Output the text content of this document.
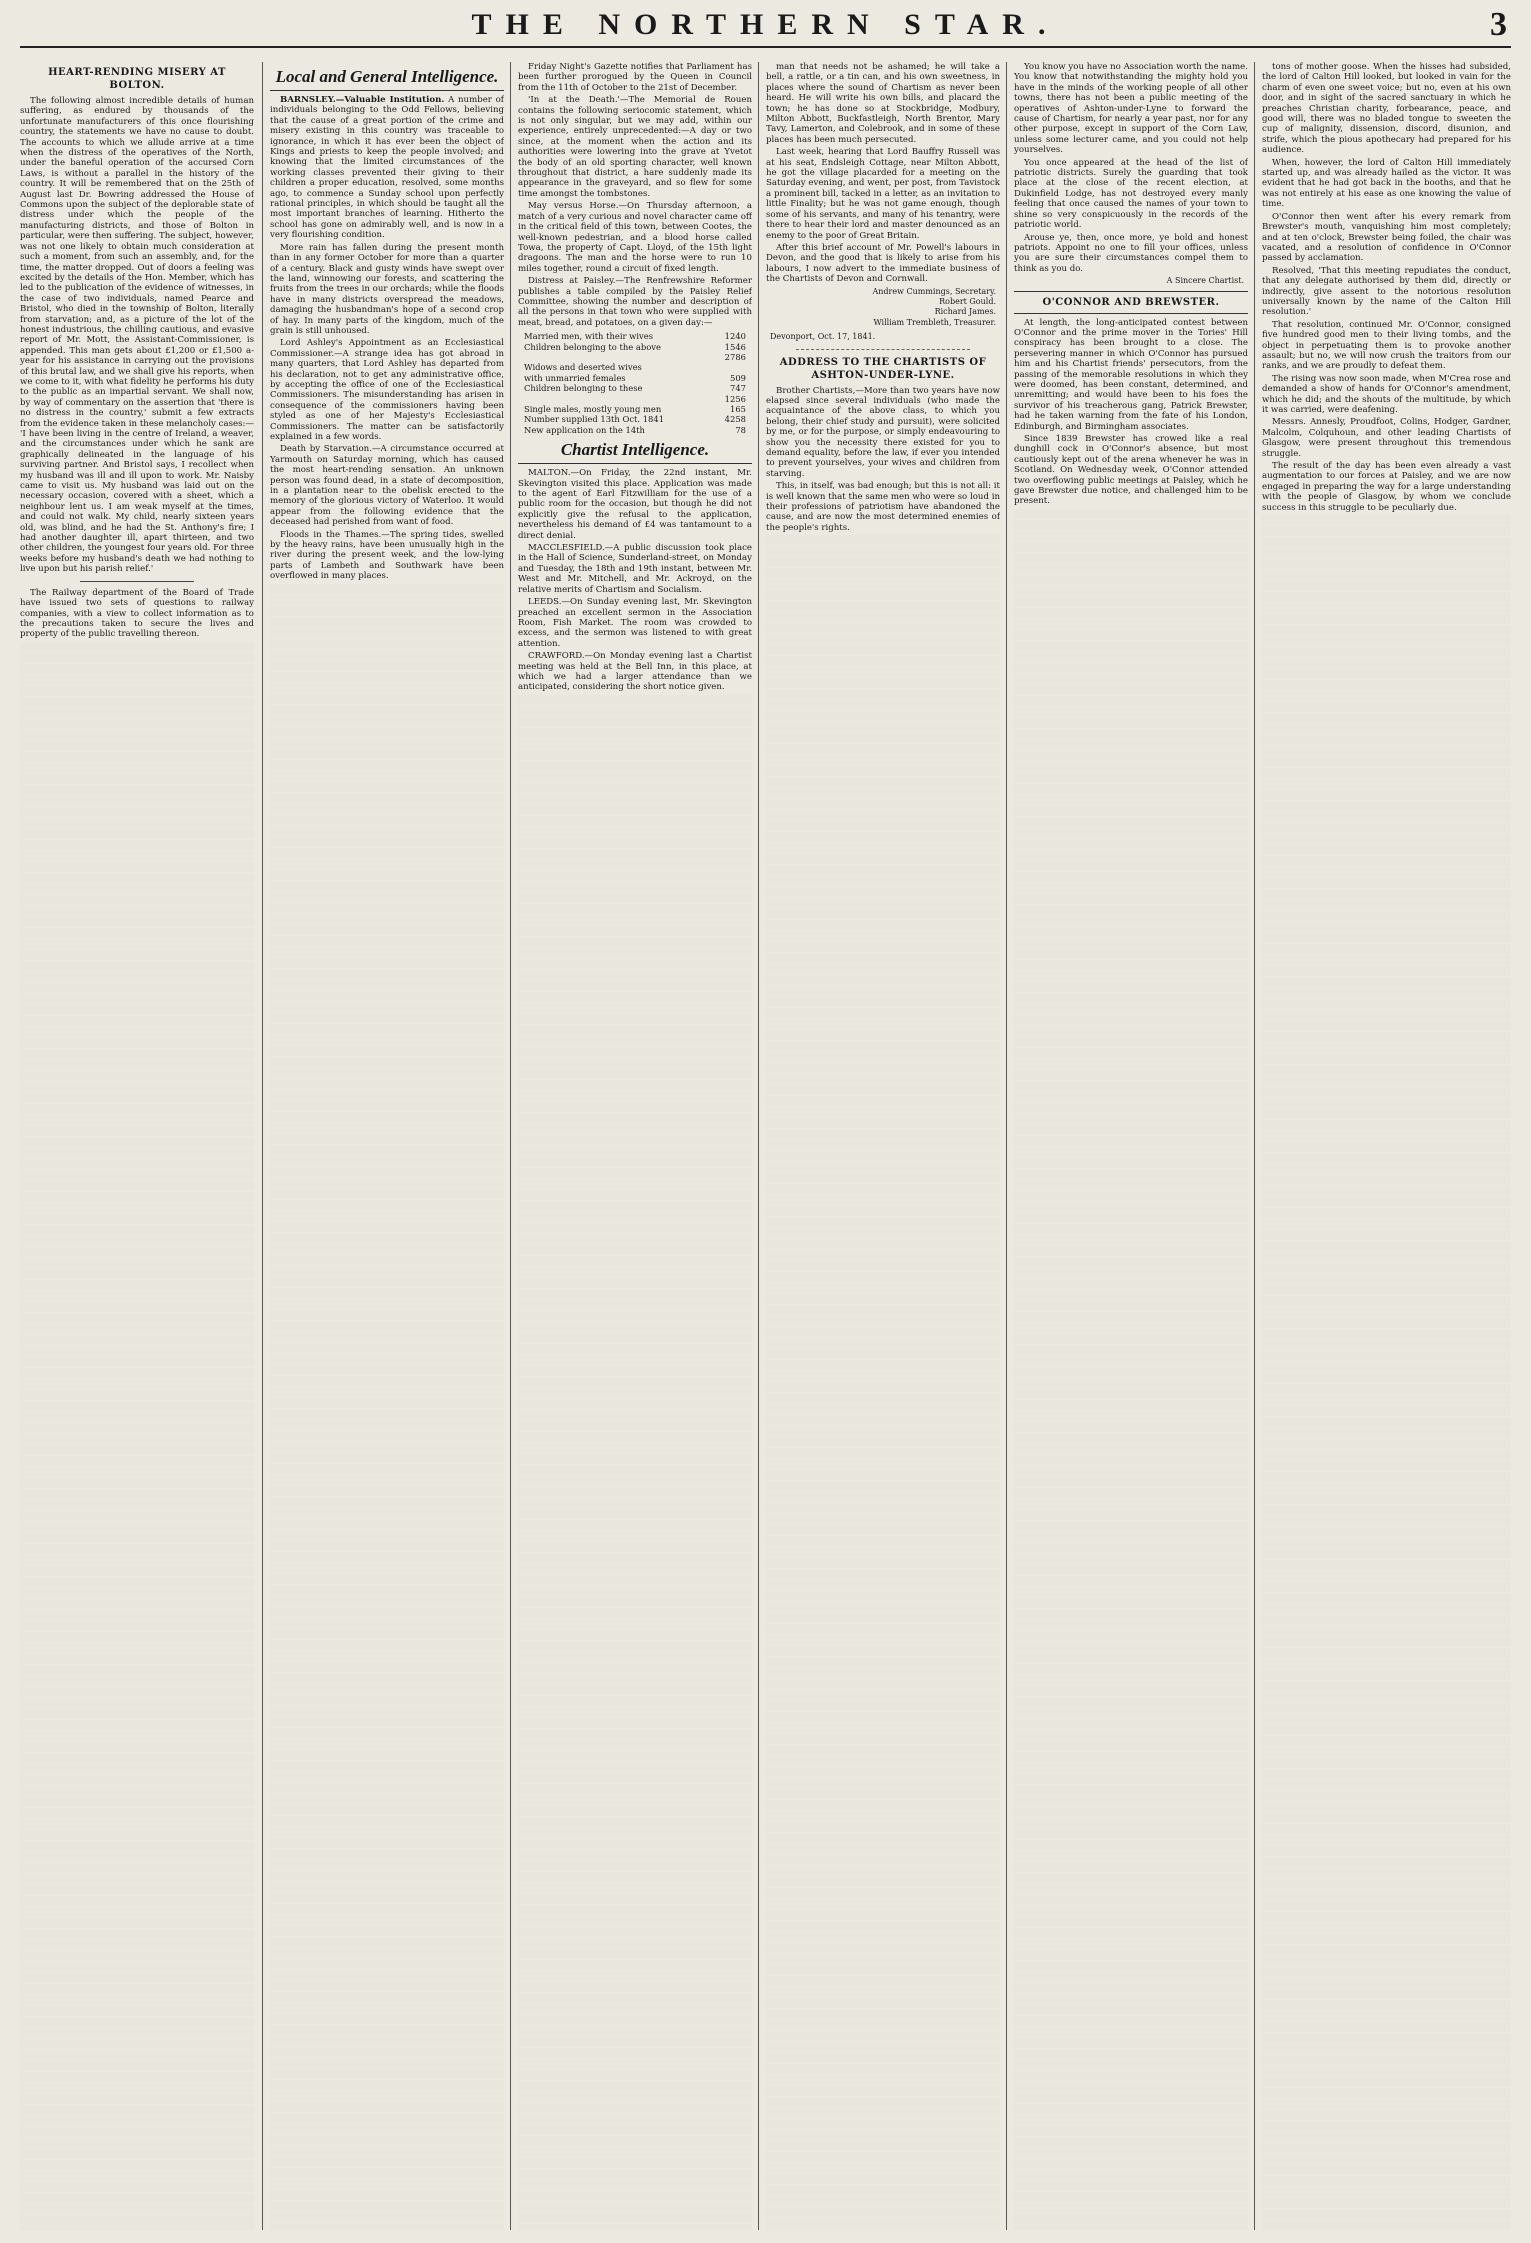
THE NORTHERN STAR.	3
HEART-RENDING MISERY AT BOLTON.

The following almost incredible details of human suffering, as endured by thousands of the unfortunate manufacturers of this once flourishing country, the statements we have no cause to doubt. The accounts to which we allude arrive at a time when the distress of the operatives of the North, under the baneful operation of the accursed Corn Laws, is without a parallel in the history of the country. It will be remembered that on the 25th of August last Dr. Bowring addressed the House of Commons upon the subject of the deplorable state of distress under which the people of the manufacturing districts, and those of Bolton in particular, were then suffering. The subject, however, was not one likely to obtain much consideration at such a moment, from such an assembly, and, for the time, the matter dropped. Out of doors a feeling was excited by the details of the Hon. Member, which has led to the publication of the evidence of witnesses, in the case of two individuals, named Pearce and Bristol, who died in the township of Bolton, literally from starvation; and, as a picture of the lot of the honest industrious, the chilling cautious, and evasive report of Mr. Mott, the Assistant-Commissioner, is appended. This man gets about £1,200 or £1,500 a-year for his assistance in carrying out the provisions of this brutal law, and we shall give his reports, when we come to it, with what fidelity he performs his duty to the public as an impartial servant. We shall now, by way of commentary on the assertion that 'there is no distress in the country,' submit a few extracts from the evidence taken in these melancholy cases:— 'I have been living in the centre of Ireland, a weaver, and the circumstances under which he sank are graphically delineated in the language of his surviving partner. And Bristol says, I recollect when my husband was ill and ill upon to work. Mr. Naisby came to visit us. My husband was laid out on the necessary occasion, covered with a sheet, which a neighbour lent us. I am weak myself at the times, and could not walk. My child, nearly sixteen years old, was blind, and he had the St. Anthony's fire; I had another daughter ill, apart thirteen, and two other children, the youngest four years old. For three weeks before my husband's death we had nothing to live upon but his parish relief.'

The Railway department of the Board of Trade have issued two sets of questions to railway companies, with a view to collect information as to the precautions taken to secure the lives and property of the public travelling thereon.

Local and General Intelligence.

BARNSLEY.—Valuable Institution. A number of individuals belonging to the Odd Fellows, believing that the cause of a great portion of the crime and misery existing in this country was traceable to ignorance, in which it has ever been the object of Kings and priests to keep the people involved; and knowing that the limited circumstances of the working classes prevented their giving to their children a proper education, resolved, some months ago, to commence a Sunday school upon perfectly rational principles, in which should be taught all the most important branches of learning. Hitherto the school has gone on admirably well, and is now in a very flourishing condition.

More rain has fallen during the present month than in any former October for more than a quarter of a century. Black and gusty winds have swept over the land, winnowing our forests, and scattering the fruits from the trees in our orchards; while the floods have in many districts overspread the meadows, damaging the husbandman's hope of a second crop of hay. In many parts of the kingdom, much of the grain is still unhoused.

Lord Ashley's Appointment as an Ecclesiastical Commissioner.—A strange idea has got abroad in many quarters, that Lord Ashley has departed from his declaration, not to get any administrative office, by accepting the office of one of the Ecclesiastical Commissioners. The misunderstanding has arisen in consequence of the commissioners having been styled as one of her Majesty's Ecclesiastical Commissioners. The matter can be satisfactorily explained in a few words.

Death by Starvation.—A circumstance occurred at Yarmouth on Saturday morning, which has caused the most heart-rending sensation. An unknown person was found dead, in a state of decomposition, in a plantation near to the obelisk erected to the memory of the glorious victory of Waterloo. It would appear from the following evidence that the deceased had perished from want of food.

Floods in the Thames.—The spring tides, swelled by the heavy rains, have been unusually high in the river during the present week, and the low-lying parts of Lambeth and Southwark have been overflowed in many places.

Friday Night's Gazette notifies that Parliament has been further prorogued by the Queen in Council from the 11th of October to the 21st of December.

'In at the Death.'—The Memorial de Rouen contains the following seriocomic statement, which is not only singular, but we may add, within our experience, entirely unprecedented:—A day or two since, at the moment when the action and its authorities were lowering into the grave at Yvetot the body of an old sporting character, well known throughout that district, a hare suddenly made its appearance in the graveyard, and so flew for some time amongst the tombstones.

May versus Horse.—On Thursday afternoon, a match of a very curious and novel character came off in the critical field of this town, between Cootes, the well-known pedestrian, and a blood horse called Towa, the property of Capt. Lloyd, of the 15th light dragoons. The man and the horse were to run 10 miles together, round a circuit of fixed length.

Distress at Paisley.—The Renfrewshire Reformer publishes a table compiled by the Paisley Relief Committee, showing the number and description of all the persons in that town who were supplied with meat, bread, and potatoes, on a given day:—

Married men, with their wives	1240
Children belonging to the above	1546
2786
Widows and deserted wives
with unmarried females	509
Children belonging to these	747
1256
Single males, mostly young men	165
Number supplied 13th Oct. 1841	4258
New application on the 14th	78
Chartist Intelligence.

MALTON.—On Friday, the 22nd instant, Mr. Skevington visited this place. Application was made to the agent of Earl Fitzwilliam for the use of a public room for the occasion, but though he did not explicitly give the refusal to the application, nevertheless his demand of £4 was tantamount to a direct denial.

MACCLESFIELD.—A public discussion took place in the Hall of Science, Sunderland-street, on Monday and Tuesday, the 18th and 19th instant, between Mr. West and Mr. Mitchell, and Mr. Ackroyd, on the relative merits of Chartism and Socialism.

LEEDS.—On Sunday evening last, Mr. Skevington preached an excellent sermon in the Association Room, Fish Market. The room was crowded to excess, and the sermon was listened to with great attention.

CRAWFORD.—On Monday evening last a Chartist meeting was held at the Bell Inn, in this place, at which we had a larger attendance than we anticipated, considering the short notice given.

man that needs not be ashamed; he will take a bell, a rattle, or a tin can, and his own sweetness, in places where the sound of Chartism as never been heard. He will write his own bills, and placard the town; he has done so at Stockbridge, Modbury, Milton Abbott, Buckfastleigh, North Brentor, Mary Tavy, Lamerton, and Colebrook, and in some of these places has been much persecuted.

Last week, hearing that Lord Bauffry Russell was at his seat, Endsleigh Cottage, near Milton Abbott, he got the village placarded for a meeting on the Saturday evening, and went, per post, from Tavistock a prominent bill, tacked in a letter, as an invitation to little Finality; but he was not game enough, though some of his servants, and many of his tenantry, were there to hear their lord and master denounced as an enemy to the poor of Great Britain.

After this brief account of Mr. Powell's labours in Devon, and the good that is likely to arise from his labours, I now advert to the immediate business of the Chartists of Devon and Cornwall.

Andrew Cummings, Secretary.
Robert Gould.
Richard James.
William Trembleth, Treasurer.
Devonport, Oct. 17, 1841.
ADDRESS TO THE CHARTISTS OF ASHTON-UNDER-LYNE.

Brother Chartists,—More than two years have now elapsed since several individuals (who made the acquaintance of the above class, to which you belong, their chief study and pursuit), were solicited by me, or for the purpose, or simply endeavouring to show you the necessity there existed for you to demand equality, before the law, if ever you intended to prevent yourselves, your wives and children from starving.

This, in itself, was bad enough; but this is not all: it is well known that the same men who were so loud in their professions of patriotism have abandoned the cause, and are now the most determined enemies of the people's rights.

You know you have no Association worth the name. You know that notwithstanding the mighty hold you have in the minds of the working people of all other towns, there has not been a public meeting of the operatives of Ashton-under-Lyne to forward the cause of Chartism, for nearly a year past, nor for any other purpose, except in support of the Corn Law, unless some lecturer came, and you could not help yourselves.

You once appeared at the head of the list of patriotic districts. Surely the guarding that took place at the close of the recent election, at Dukinfield Lodge, has not destroyed every manly feeling that once caused the names of your town to shine so very conspicuously in the records of the patriotic world.

Arouse ye, then, once more, ye bold and honest patriots. Appoint no one to fill your offices, unless you are sure their circumstances compel them to think as you do.

A Sincere Chartist.
O'CONNOR AND BREWSTER.

At length, the long-anticipated contest between O'Connor and the prime mover in the Tories' Hill conspiracy has been brought to a close. The persevering manner in which O'Connor has pursued him and his Chartist friends' persecutors, from the passing of the memorable resolutions in which they were doomed, has been constant, determined, and unremitting; and would have been to his foes the survivor of his treacherous gang, Patrick Brewster, had he taken warning from the fate of his London, Edinburgh, and Birmingham associates.

Since 1839 Brewster has crowed like a real dunghill cock in O'Connor's absence, but most cautiously kept out of the arena whenever he was in Scotland. On Wednesday week, O'Connor attended two overflowing public meetings at Paisley, which he gave Brewster due notice, and challenged him to be present.

tons of mother goose. When the hisses had subsided, the lord of Calton Hill looked, but looked in vain for the charm of even one sweet voice; but no, even at his own door, and in sight of the sacred sanctuary in which he preaches Christian charity, forbearance, peace, and good will, there was no bladed tongue to sweeten the cup of malignity, dissension, discord, disunion, and strife, which the pious apothecary had prepared for his audience.

When, however, the lord of Calton Hill immediately started up, and was already hailed as the victor. It was evident that he had got back in the booths, and that he was not entirely at his ease as one knowing the value of time.

O'Connor then went after his every remark from Brewster's mouth, vanquishing him most completely; and at ten o'clock, Brewster being foiled, the chair was vacated, and a resolution of confidence in O'Connor passed by acclamation.

Resolved, 'That this meeting repudiates the conduct, that any delegate authorised by them did, directly or indirectly, give assent to the notorious resolution universally known by the name of the Calton Hill resolution.'

That resolution, continued Mr. O'Connor, consigned five hundred good men to their living tombs, and the object in perpetuating them is to provoke another assault; but no, we will now crush the traitors from our ranks, and we are proudly to defeat them.

The rising was now soon made, when M'Crea rose and demanded a show of hands for O'Connor's amendment, which he did; and the shouts of the multitude, by which it was carried, were deafening.

Messrs. Annesly, Proudfoot, Colins, Hodger, Gardner, Malcolm, Colquhoun, and other leading Chartists of Glasgow, were present throughout this tremendous struggle.

The result of the day has been even already a vast augmentation to our forces at Paisley, and we are now engaged in preparing the way for a large understanding with the people of Glasgow, by whom we conclude success in this struggle to be peculiarly due.
